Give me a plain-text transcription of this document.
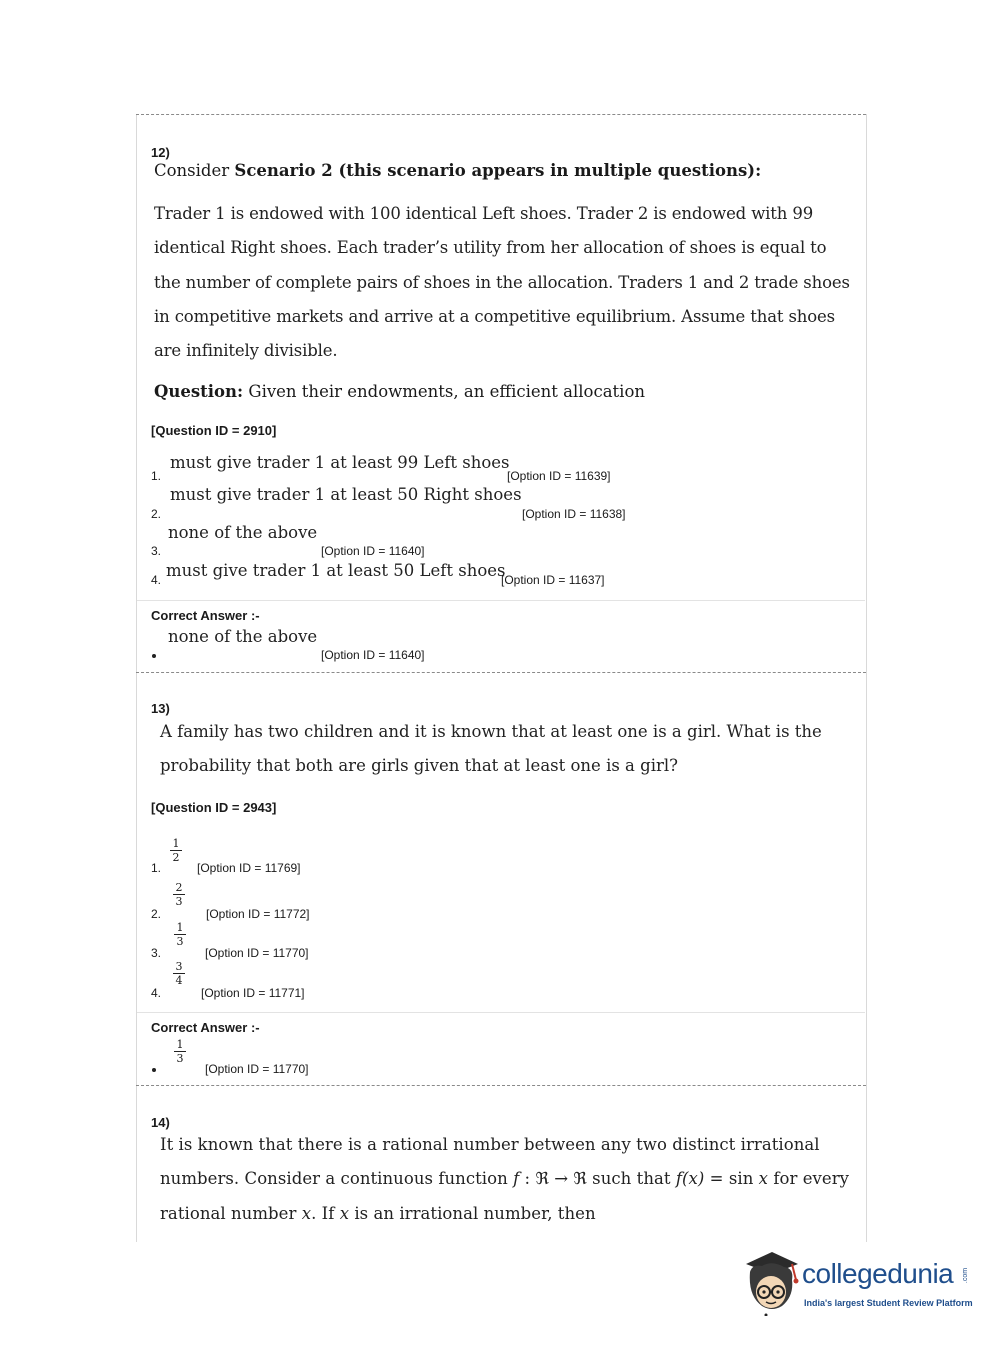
12)
Consider Scenario 2 (this scenario appears in multiple questions):
Trader 1 is endowed with 100 identical Left shoes. Trader 2 is endowed with 99
identical Right shoes. Each trader’s utility from her allocation of shoes is equal to
the number of complete pairs of shoes in the allocation. Traders 1 and 2 trade shoes
in competitive markets and arrive at a competitive equilibrium. Assume that shoes
are infinitely divisible.
Question: Given their endowments, an efficient allocation
[Question ID = 2910]
1.
must give trader 1 at least 99 Left shoes
[Option ID = 11639]
2.
must give trader 1 at least 50 Right shoes
[Option ID = 11638]
3.
none of the above
[Option ID = 11640]
4. must give trader 1 at least 50 Left shoes
[Option ID = 11637]
Correct Answer :-
none of the above
[Option ID = 11640]
13)
A family has two children and it is known that at least one is a girl. What is the
probability that both are girls given that at least one is a girl?
[Question ID = 2943]
1.
1
2
[Option ID = 11769]
2.
2
3
[Option ID = 11772]
3.
1
3
[Option ID = 11770]
4.
3
4
[Option ID = 11771]
Correct Answer :-
1
3
[Option ID = 11770]
14)
It is known that there is a rational number between any two distinct irrational
numbers. Consider a continuous function f : ℜ → ℜ such that f(x) = sin x for every
rational number x. If x is an irrational number, then
collegedunia .com
India's largest Student Review Platform
